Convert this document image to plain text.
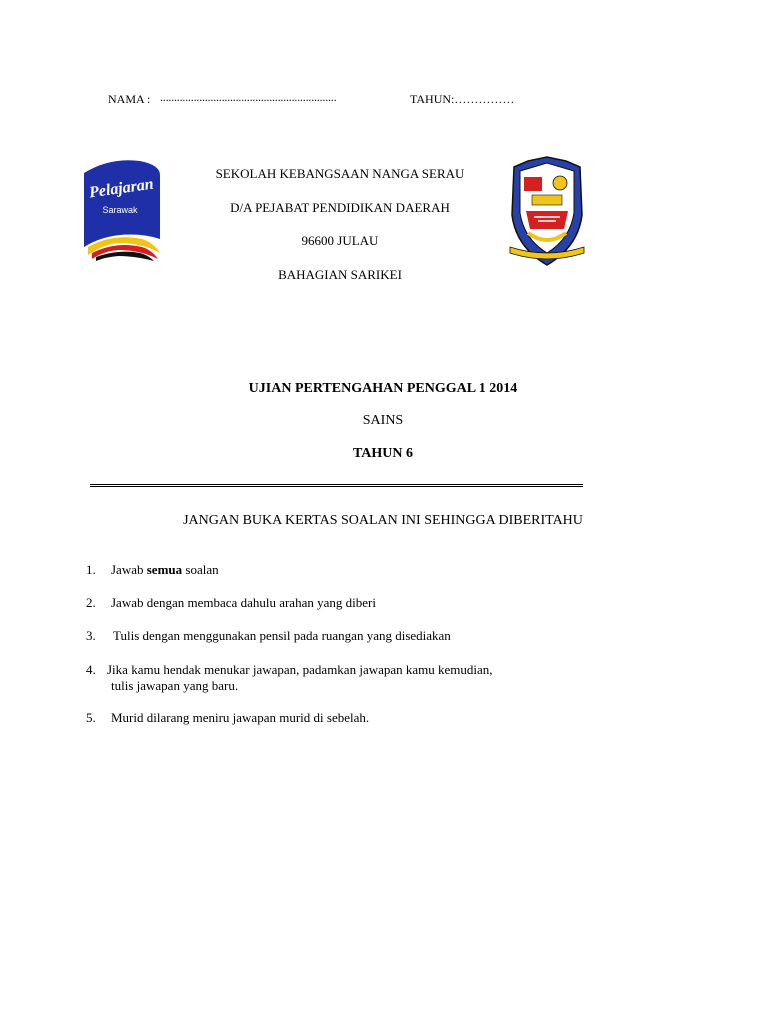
NAMA : ...............................................................	TAHUN:……………
Pelajaran
Sarawak
SEKOLAH KEBANGSAAN NANGA SERAU
D/A PEJABAT PENDIDIKAN DAERAH
96600 JULAU
BAHAGIAN SARIKEI
UJIAN PERTENGAHAN PENGGAL 1 2014
SAINS
TAHUN 6
JANGAN BUKA KERTAS SOALAN INI SEHINGGA DIBERITAHU
1. Jawab semua soalan
2. Jawab dengan membaca dahulu arahan yang diberi
3. Tulis dengan menggunakan pensil pada ruangan yang disediakan
4. Jika kamu hendak menukar jawapan, padamkan jawapan kamu kemudian,
tulis jawapan yang baru.
5. Murid dilarang meniru jawapan murid di sebelah.
